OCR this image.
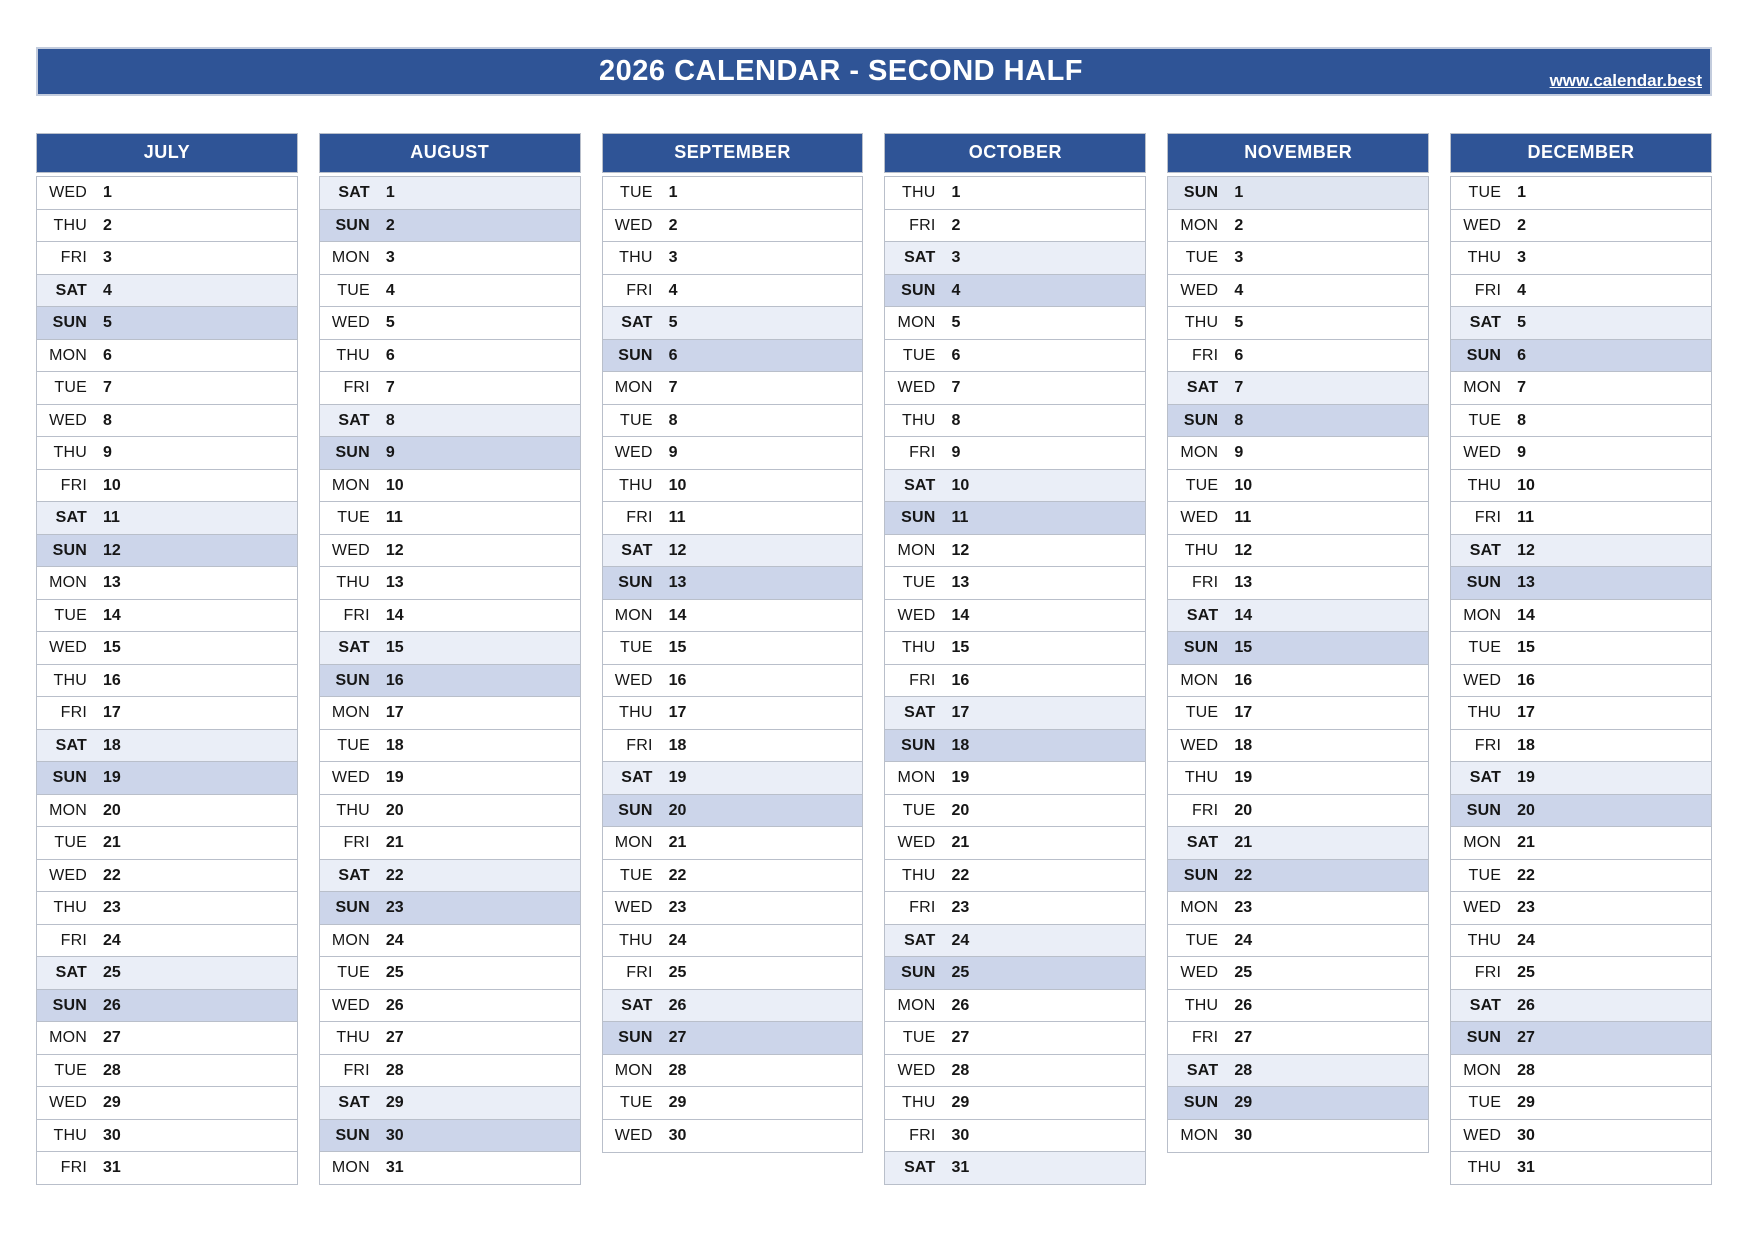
2026 CALENDAR - SECOND HALF	www.calendar.best
JULY
WED 1
THU 2
FRI 3
SAT 4
SUN 5
MON 6
TUE 7
WED 8
THU 9
FRI 10
SAT 11
SUN 12
MON 13
TUE 14
WED 15
THU 16
FRI 17
SAT 18
SUN 19
MON 20
TUE 21
WED 22
THU 23
FRI 24
SAT 25
SUN 26
MON 27
TUE 28
WED 29
THU 30
FRI 31
AUGUST
SAT 1
SUN 2
MON 3
TUE 4
WED 5
THU 6
FRI 7
SAT 8
SUN 9
MON 10
TUE 11
WED 12
THU 13
FRI 14
SAT 15
SUN 16
MON 17
TUE 18
WED 19
THU 20
FRI 21
SAT 22
SUN 23
MON 24
TUE 25
WED 26
THU 27
FRI 28
SAT 29
SUN 30
MON 31
SEPTEMBER
TUE 1
WED 2
THU 3
FRI 4
SAT 5
SUN 6
MON 7
TUE 8
WED 9
THU 10
FRI 11
SAT 12
SUN 13
MON 14
TUE 15
WED 16
THU 17
FRI 18
SAT 19
SUN 20
MON 21
TUE 22
WED 23
THU 24
FRI 25
SAT 26
SUN 27
MON 28
TUE 29
WED 30
OCTOBER
THU 1
FRI 2
SAT 3
SUN 4
MON 5
TUE 6
WED 7
THU 8
FRI 9
SAT 10
SUN 11
MON 12
TUE 13
WED 14
THU 15
FRI 16
SAT 17
SUN 18
MON 19
TUE 20
WED 21
THU 22
FRI 23
SAT 24
SUN 25
MON 26
TUE 27
WED 28
THU 29
FRI 30
SAT 31
NOVEMBER
SUN 1
MON 2
TUE 3
WED 4
THU 5
FRI 6
SAT 7
SUN 8
MON 9
TUE 10
WED 11
THU 12
FRI 13
SAT 14
SUN 15
MON 16
TUE 17
WED 18
THU 19
FRI 20
SAT 21
SUN 22
MON 23
TUE 24
WED 25
THU 26
FRI 27
SAT 28
SUN 29
MON 30
DECEMBER
TUE 1
WED 2
THU 3
FRI 4
SAT 5
SUN 6
MON 7
TUE 8
WED 9
THU 10
FRI 11
SAT 12
SUN 13
MON 14
TUE 15
WED 16
THU 17
FRI 18
SAT 19
SUN 20
MON 21
TUE 22
WED 23
THU 24
FRI 25
SAT 26
SUN 27
MON 28
TUE 29
WED 30
THU 31
